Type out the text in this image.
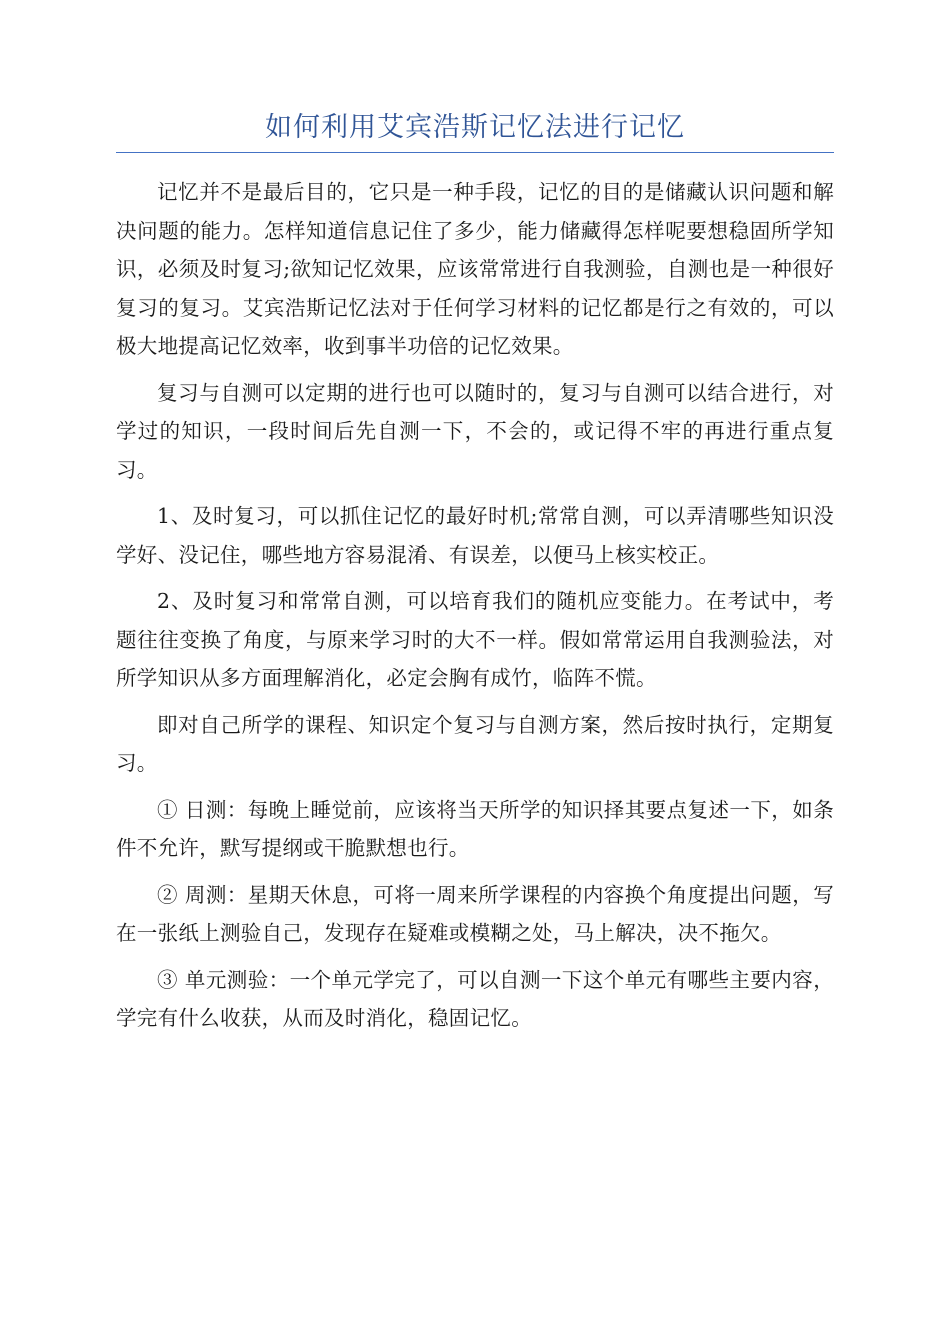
如何利用艾宾浩斯记忆法进行记忆

记忆并不是最后目的，它只是一种手段，记忆的目的是储藏认识问题和解决问题的能力。怎样知道信息记住了多少，能力储藏得怎样呢要想稳固所学知识，必须及时复习;欲知记忆效果，应该常常进行自我测验，自测也是一种很好复习的复习。艾宾浩斯记忆法对于任何学习材料的记忆都是行之有效的，可以极大地提高记忆效率，收到事半功倍的记忆效果。

复习与自测可以定期的进行也可以随时的，复习与自测可以结合进行，对学过的知识，一段时间后先自测一下，不会的，或记得不牢的再进行重点复习。

1、及时复习，可以抓住记忆的最好时机;常常自测，可以弄清哪些知识没学好、没记住，哪些地方容易混淆、有误差，以便马上核实校正。

2、及时复习和常常自测，可以培育我们的随机应变能力。在考试中，考题往往变换了角度，与原来学习时的大不一样。假如常常运用自我测验法，对所学知识从多方面理解消化，必定会胸有成竹，临阵不慌。

即对自己所学的课程、知识定个复习与自测方案，然后按时执行，定期复习。

① 日测：每晚上睡觉前，应该将当天所学的知识择其要点复述一下，如条件不允许，默写提纲或干脆默想也行。

② 周测：星期天休息，可将一周来所学课程的内容换个角度提出问题，写在一张纸上测验自己，发现存在疑难或模糊之处，马上解决，决不拖欠。

③ 单元测验：一个单元学完了，可以自测一下这个单元有哪些主要内容，学完有什么收获，从而及时消化，稳固记忆。
